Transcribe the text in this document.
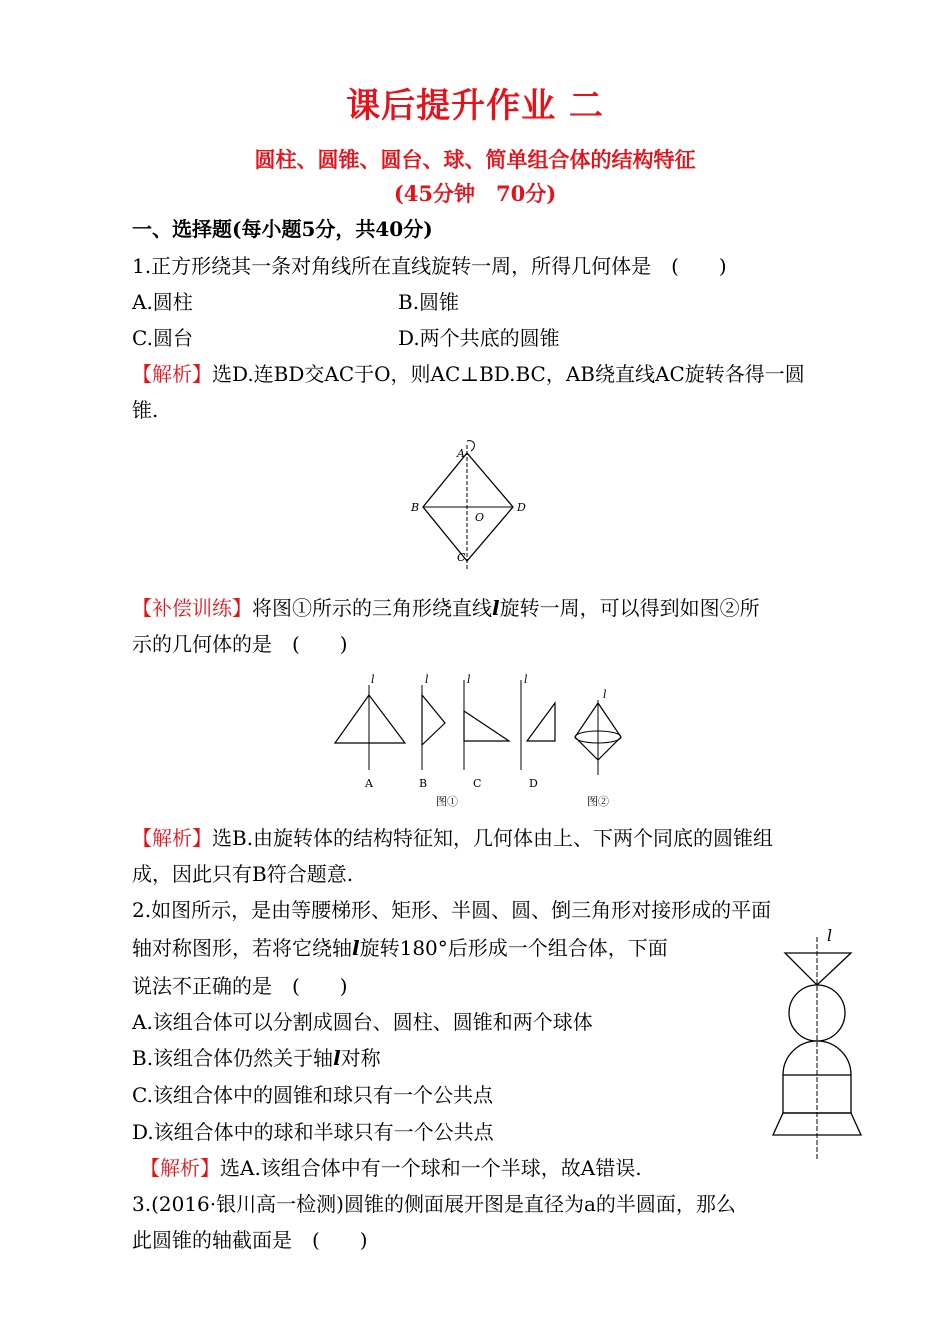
课后提升作业 二
圆柱、圆锥、圆台、球、简单组合体的结构特征
(45分钟　70分)
一、选择题(每小题5分，共40分)
1.正方形绕其一条对角线所在直线旋转一周，所得几何体是　(　　)
A.圆柱	B.圆锥
C.圆台	D.两个共底的圆锥
【解析】选D.连BD交AC于O，则AC⊥BD.BC，AB绕直线AC旋转各得一圆
锥.
A
B	D
C
O
【补偿训练】将图①所示的三角形绕直线l旋转一周，可以得到如图②所
示的几何体的是　(　　)
l
A
l
B
l
C
l
D
l
图①	图②
【解析】选B.由旋转体的结构特征知，几何体由上、下两个同底的圆锥组
成，因此只有B符合题意.
2.如图所示，是由等腰梯形、矩形、半圆、圆、倒三角形对接形成的平面
轴对称图形，若将它绕轴l旋转180°后形成一个组合体，下面
说法不正确的是　(　　)
A.该组合体可以分割成圆台、圆柱、圆锥和两个球体
B.该组合体仍然关于轴l对称
C.该组合体中的圆锥和球只有一个公共点
D.该组合体中的球和半球只有一个公共点
【解析】选A.该组合体中有一个球和一个半球，故A错误.
l
3.(2016·银川高一检测)圆锥的侧面展开图是直径为a的半圆面，那么
此圆锥的轴截面是　(　　)
